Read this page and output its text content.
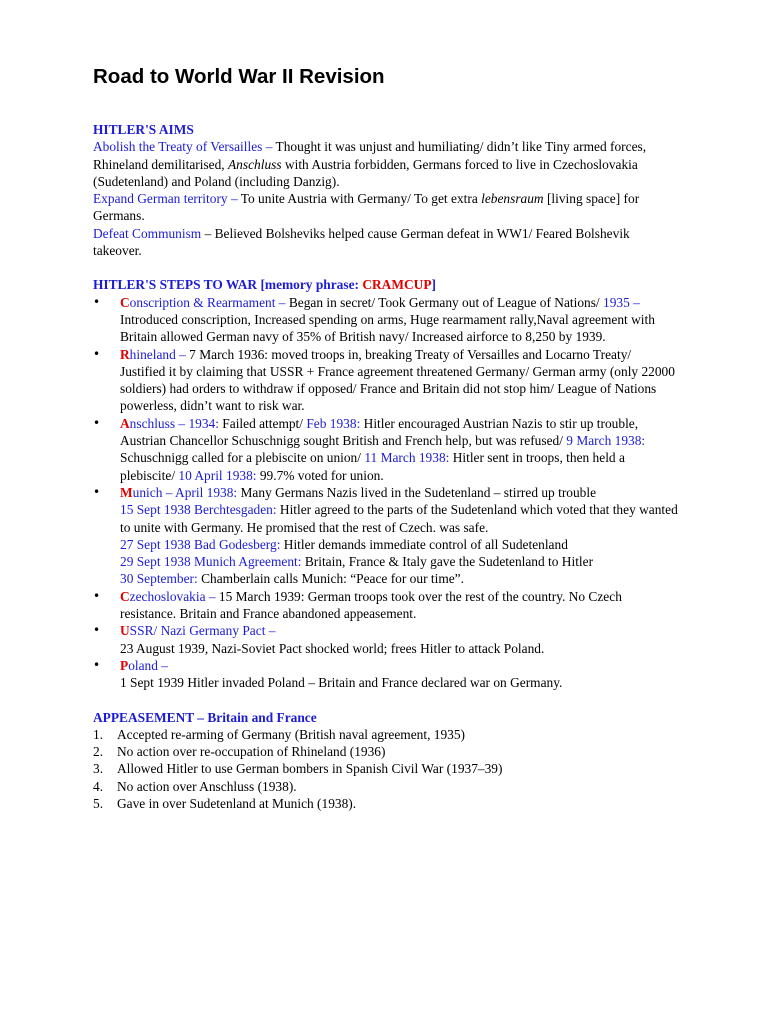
Road to World War II Revision
HITLER'S AIMS

Abolish the Treaty of Versailles – Thought it was unjust and humiliating/ didn’t like Tiny armed forces, Rhineland demilitarised, Anschluss with Austria forbidden, Germans forced to live in Czechoslovakia (Sudetenland) and Poland (including Danzig).

Expand German territory – To unite Austria with Germany/ To get extra lebensraum [living space] for Germans.

Defeat Communism – Believed Bolsheviks helped cause German defeat in WW1/ Feared Bolshevik takeover.

HITLER'S STEPS TO WAR [memory phrase: CRAMCUP]
• Conscription & Rearmament – Began in secret/ Took Germany out of League of Nations/ 1935 – Introduced conscription, Increased spending on arms, Huge rearmament rally,Naval agreement with Britain allowed German navy of 35% of British navy/ Increased airforce to 8,250 by 1939.
• Rhineland – 7 March 1936: moved troops in, breaking Treaty of Versailles and Locarno Treaty/ Justified it by claiming that USSR + France agreement threatened Germany/ German army (only 22000 soldiers) had orders to withdraw if opposed/ France and Britain did not stop him/ League of Nations powerless, didn’t want to risk war.
• Anschluss – 1934: Failed attempt/ Feb 1938: Hitler encouraged Austrian Nazis to stir up trouble, Austrian Chancellor Schuschnigg sought British and French help, but was refused/ 9 March 1938: Schuschnigg called for a plebiscite on union/ 11 March 1938: Hitler sent in troops, then held a plebiscite/ 10 April 1938: 99.7% voted for union.
• Munich – April 1938: Many Germans Nazis lived in the Sudetenland – stirred up trouble
15 Sept 1938 Berchtesgaden: Hitler agreed to the parts of the Sudetenland which voted that they wanted to unite with Germany. He promised that the rest of Czech. was safe.
27 Sept 1938 Bad Godesberg: Hitler demands immediate control of all Sudetenland
29 Sept 1938 Munich Agreement: Britain, France & Italy gave the Sudetenland to Hitler
30 September: Chamberlain calls Munich: “Peace for our time”.
• Czechoslovakia – 15 March 1939: German troops took over the rest of the country. No Czech resistance. Britain and France abandoned appeasement.
• USSR/ Nazi Germany Pact –
23 August 1939, Nazi-Soviet Pact shocked world; frees Hitler to attack Poland.
• Poland –
1 Sept 1939 Hitler invaded Poland – Britain and France declared war on Germany.
APPEASEMENT – Britain and France
1. Accepted re-arming of Germany (British naval agreement, 1935)
2. No action over re-occupation of Rhineland (1936)
3. Allowed Hitler to use German bombers in Spanish Civil War (1937–39)
4. No action over Anschluss (1938).
5. Gave in over Sudetenland at Munich (1938).
